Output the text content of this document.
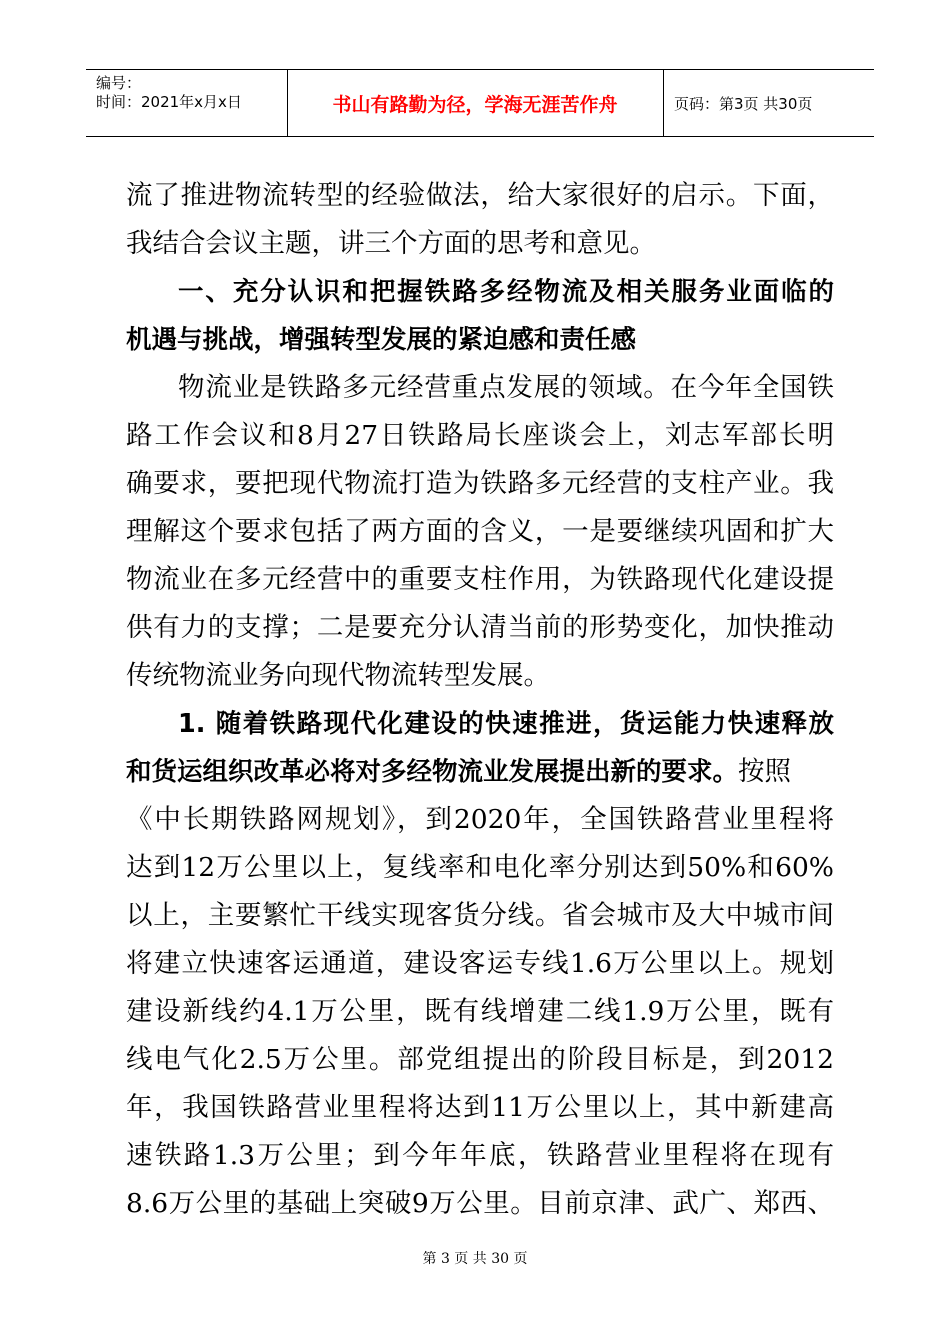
编号：
时间：2021年x月x日	书山有路勤为径，学海无涯苦作舟	页码：第3页 共30页
流了推进物流转型的经验做法，给大家很好的启示。下面，
我结合会议主题，讲三个方面的思考和意见。
一、充分认识和把握铁路多经物流及相关服务业面临的
机遇与挑战，增强转型发展的紧迫感和责任感
物流业是铁路多元经营重点发展的领域。在今年全国铁
路工作会议和8月27日铁路局长座谈会上，刘志军部长明
确要求，要把现代物流打造为铁路多元经营的支柱产业。我
理解这个要求包括了两方面的含义，一是要继续巩固和扩大
物流业在多元经营中的重要支柱作用，为铁路现代化建设提
供有力的支撑；二是要充分认清当前的形势变化，加快推动
传统物流业务向现代物流转型发展。
1. 随着铁路现代化建设的快速推进，货运能力快速释放
和货运组织改革必将对多经物流业发展提出新的要求。按照
《中长期铁路网规划》，到2020年，全国铁路营业里程将
达到12万公里以上，复线率和电化率分别达到50%和60%
以上，主要繁忙干线实现客货分线。省会城市及大中城市间
将建立快速客运通道，建设客运专线1.6万公里以上。规划
建设新线约4.1万公里，既有线增建二线1.9万公里，既有
线电气化2.5万公里。部党组提出的阶段目标是，到2012
年，我国铁路营业里程将达到11万公里以上，其中新建高
速铁路1.3万公里；到今年年底，铁路营业里程将在现有
8.6万公里的基础上突破9万公里。目前京津、武广、郑西、
第 3 页 共 30 页
